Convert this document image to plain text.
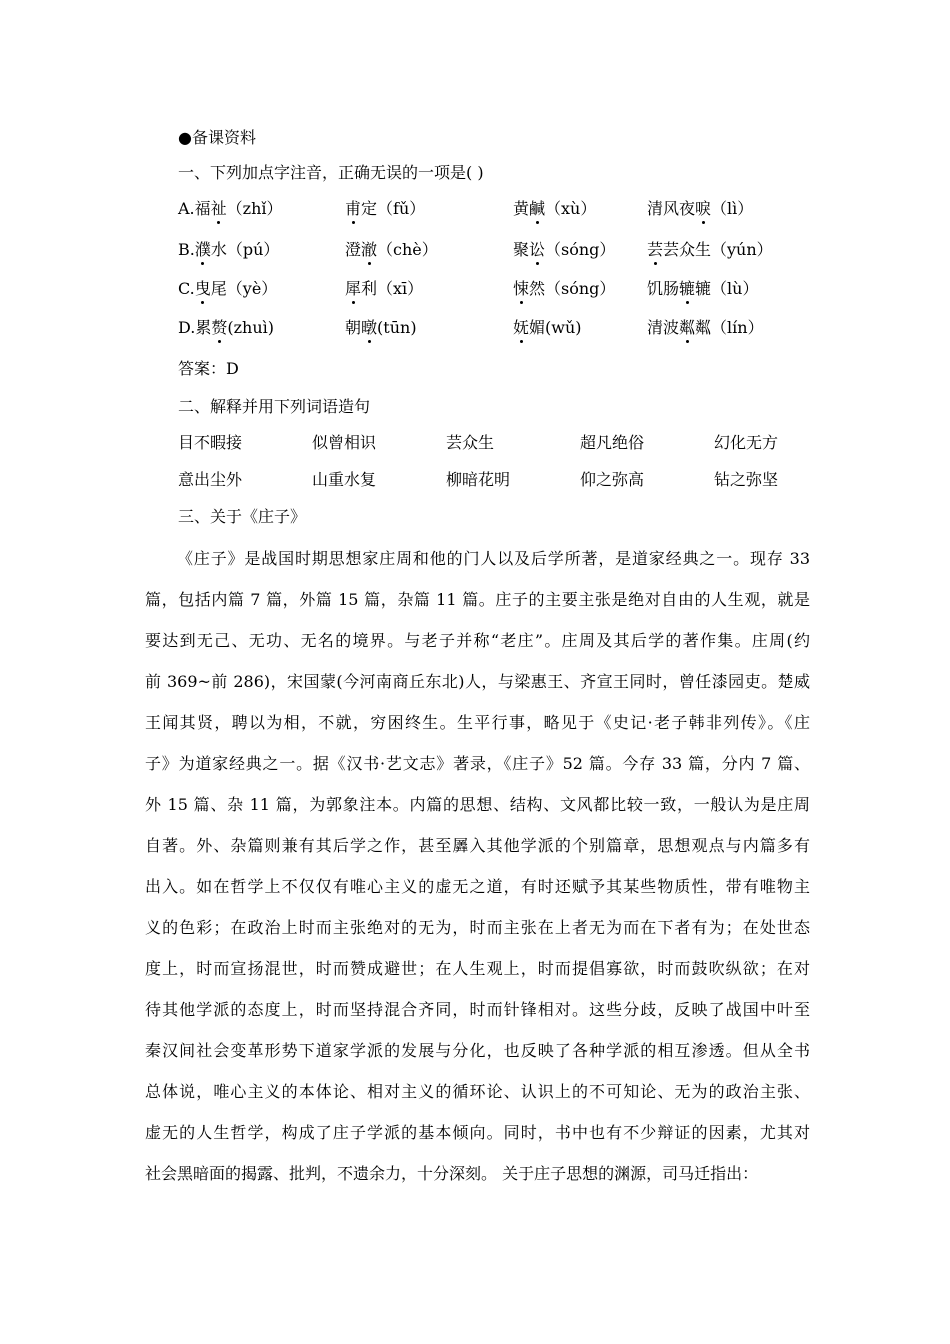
●备课资料
一、下列加点字注音，正确无误的一项是( )
A.福祉（zhǐ）	甫定（fǔ）	黄鹹（xù）	清风夜唳（lì）
B.濮水（pú）	澄澈（chè）	聚讼（sóng） 芸芸众生（yún）
C.曳尾（yè）	犀利（xī）	悚然（sóng） 饥肠辘辘（lù）
D.累赘(zhuì)	朝暾(tūn)	妩媚(wǔ)	清波粼粼（lín）
答案：D
二、解释并用下列词语造句
目不暇接	似曾相识	芸众生	超凡绝俗	幻化无方
意出尘外	山重水复	柳暗花明	仰之弥高	钻之弥坚
三、关于《庄子》
《庄子》是战国时期思想家庄周和他的门人以及后学所著，是道家经典之一。现存 33
篇，包括内篇 7 篇，外篇 15 篇，杂篇 11 篇。庄子的主要主张是绝对自由的人生观，就是
要达到无己、无功、无名的境界。与老子并称“老庄”。庄周及其后学的著作集。庄周(约
前 369~前 286)，宋国蒙(今河南商丘东北)人，与梁惠王、齐宣王同时，曾任漆园吏。楚威
王闻其贤，聘以为相，不就，穷困终生。生平行事，略见于《史记·老子韩非列传》。《庄
子》为道家经典之一。据《汉书·艺文志》著录，《庄子》52 篇。今存 33 篇，分内 7 篇、
外 15 篇、杂 11 篇，为郭象注本。内篇的思想、结构、文风都比较一致，一般认为是庄周
自著。外、杂篇则兼有其后学之作，甚至羼入其他学派的个别篇章，思想观点与内篇多有
出入。如在哲学上不仅仅有唯心主义的虚无之道，有时还赋予其某些物质性，带有唯物主
义的色彩；在政治上时而主张绝对的无为，时而主张在上者无为而在下者有为；在处世态
度上，时而宣扬混世，时而赞成避世；在人生观上，时而提倡寡欲，时而鼓吹纵欲；在对
待其他学派的态度上，时而坚持混合齐同，时而针锋相对。这些分歧，反映了战国中叶至
秦汉间社会变革形势下道家学派的发展与分化，也反映了各种学派的相互渗透。但从全书
总体说，唯心主义的本体论、相对主义的循环论、认识上的不可知论、无为的政治主张、
虚无的人生哲学，构成了庄子学派的基本倾向。同时，书中也有不少辩证的因素，尤其对
社会黑暗面的揭露、批判，不遗余力，十分深刻。 关于庄子思想的渊源，司马迁指出：
